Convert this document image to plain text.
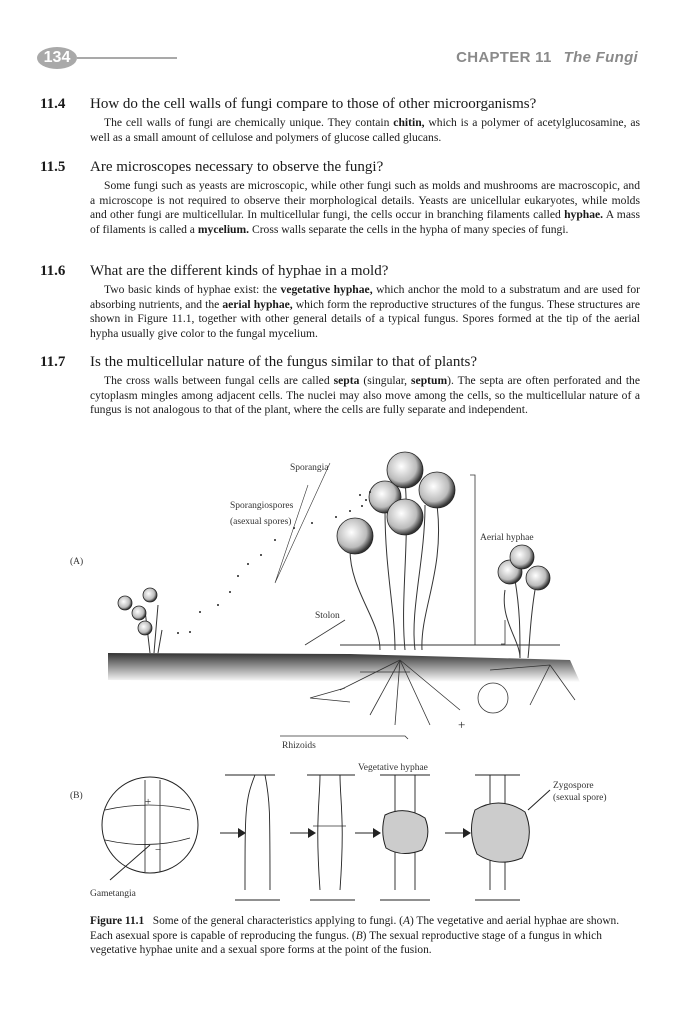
134	CHAPTER 11 The Fungi
11.4 How do the cell walls of fungi compare to those of other microorganisms?
The cell walls of fungi are chemically unique. They contain chitin, which is a polymer of acetylglucosamine, as well as a small amount of cellulose and polymers of glucose called glucans.
11.5 Are microscopes necessary to observe the fungi?
Some fungi such as yeasts are microscopic, while other fungi such as molds and mushrooms are macroscopic, and a microscope is not required to observe their morphological details. Yeasts are unicellular eukaryotes, while molds and other fungi are multicellular. In multicellular fungi, the cells occur in branching filaments called hyphae. A mass of filaments is called a mycelium. Cross walls separate the cells in the hypha of many species of fungi.
11.6 What are the different kinds of hyphae in a mold?
Two basic kinds of hyphae exist: the vegetative hyphae, which anchor the mold to a substratum and are used for absorbing nutrients, and the aerial hyphae, which form the reproductive structures of the fungus. These structures are shown in Figure 11.1, together with other general details of a typical fungus. Spores formed at the tip of the aerial hypha usually give color to the fungal mycelium.
11.7 Is the multicellular nature of the fungus similar to that of plants?
The cross walls between fungal cells are called septa (singular, septum). The septa are often perforated and the cytoplasm mingles among adjacent cells. The nuclei may also move among the cells, so the multicellular nature of a fungus is not analogous to that of the plant, where the cells are fully separate and independent.
(A)
Sporangia
Sporangiospores
(asexual spores)
Aerial hyphae
Stolon
Rhizoids
Vegetative hyphae
+
(B)	+
−
Gametangia
Zygospore
(sexual spore)
Figure 11.1   Some of the general characteristics applying to fungi. (A) The vegetative and aerial hyphae are shown. Each asexual spore is capable of reproducing the fungus. (B) The sexual reproductive stage of a fungus in which vegetative hyphae unite and a sexual spore forms at the point of the fusion.
